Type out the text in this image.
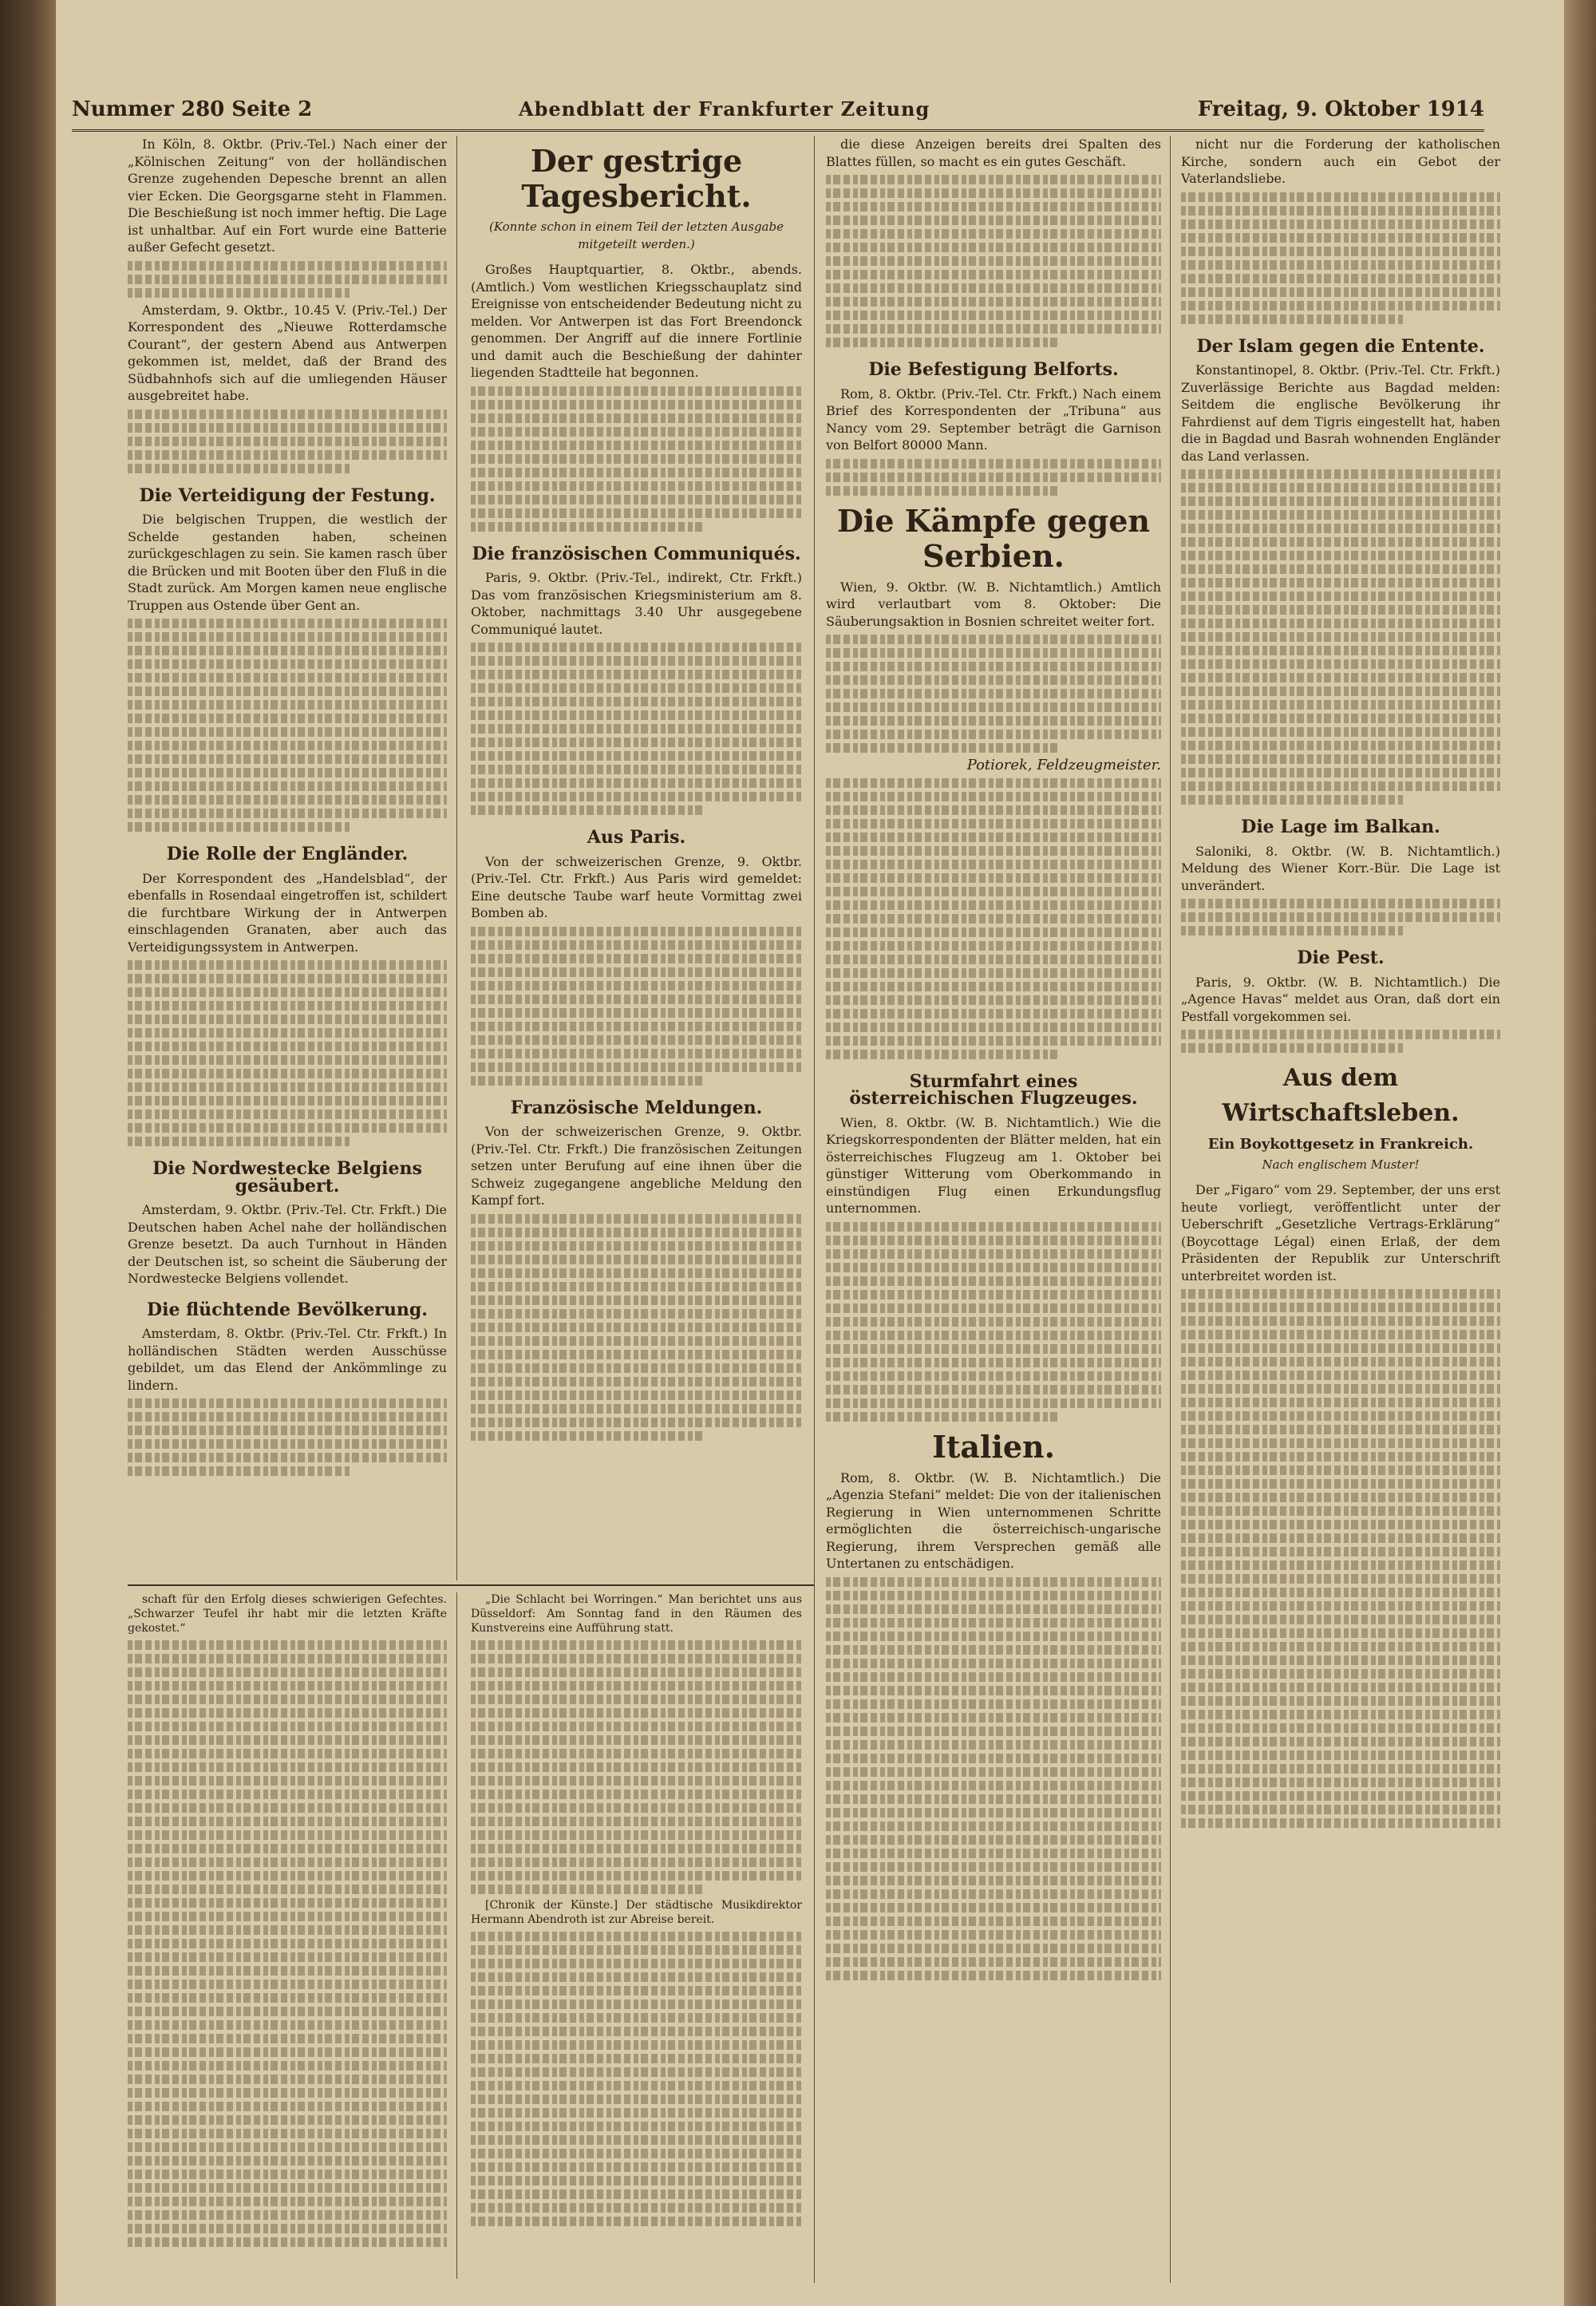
Nummer 280 Seite 2	Abendblatt der Frankfurter Zeitung	Freitag, 9. Oktober 1914

In Köln, 8. Oktbr. (Priv.-Tel.) Nach einer der „Kölnischen Zeitung“ von der holländischen Grenze zugehenden Depesche brennt an allen vier Ecken. Die Georgsgarne steht in Flammen. Die Beschießung ist noch immer heftig. Die Lage ist unhaltbar. Auf ein Fort wurde eine Batterie außer Gefecht gesetzt.

Amsterdam, 9. Oktbr., 10.45 V. (Priv.-Tel.) Der Korrespondent des „Nieuwe Rotterdamsche Courant“, der gestern Abend aus Antwerpen gekommen ist, meldet, daß der Brand des Südbahnhofs sich auf die umliegenden Häuser ausgebreitet habe.

Die Verteidigung der Festung.

Die belgischen Truppen, die westlich der Schelde gestanden haben, scheinen zurückgeschlagen zu sein. Sie kamen rasch über die Brücken und mit Booten über den Fluß in die Stadt zurück. Am Morgen kamen neue englische Truppen aus Ostende über Gent an.

Die Rolle der Engländer.

Der Korrespondent des „Handelsblad“, der ebenfalls in Rosendaal eingetroffen ist, schildert die furchtbare Wirkung der in Antwerpen einschlagenden Granaten, aber auch das Verteidigungssystem in Antwerpen.

Die Nordwestecke Belgiens gesäubert.

Amsterdam, 9. Oktbr. (Priv.-Tel. Ctr. Frkft.) Die Deutschen haben Achel nahe der holländischen Grenze besetzt. Da auch Turnhout in Händen der Deutschen ist, so scheint die Säuberung der Nordwestecke Belgiens vollendet.

Die flüchtende Bevölkerung.

Amsterdam, 8. Oktbr. (Priv.-Tel. Ctr. Frkft.) In holländischen Städten werden Ausschüsse gebildet, um das Elend der Ankömmlinge zu lindern.

Der gestrige Tagesbericht.
(Konnte schon in einem Teil der letzten Ausgabe mitgeteilt werden.)

Großes Hauptquartier, 8. Oktbr., abends. (Amtlich.) Vom westlichen Kriegsschauplatz sind Ereignisse von entscheidender Bedeutung nicht zu melden. Vor Antwerpen ist das Fort Breendonck genommen. Der Angriff auf die innere Fortlinie und damit auch die Beschießung der dahinter liegenden Stadtteile hat begonnen.

Die französischen Communiqués.

Paris, 9. Oktbr. (Priv.-Tel., indirekt, Ctr. Frkft.) Das vom französischen Kriegsministerium am 8. Oktober, nachmittags 3.40 Uhr ausgegebene Communiqué lautet.

Aus Paris.

Von der schweizerischen Grenze, 9. Oktbr. (Priv.-Tel. Ctr. Frkft.) Aus Paris wird gemeldet: Eine deutsche Taube warf heute Vormittag zwei Bomben ab.

Französische Meldungen.

Von der schweizerischen Grenze, 9. Oktbr. (Priv.-Tel. Ctr. Frkft.) Die französischen Zeitungen setzen unter Berufung auf eine ihnen über die Schweiz zugegangene angebliche Meldung den Kampf fort.

die diese Anzeigen bereits drei Spalten des Blattes füllen, so macht es ein gutes Geschäft.

Die Befestigung Belforts.

Rom, 8. Oktbr. (Priv.-Tel. Ctr. Frkft.) Nach einem Brief des Korrespondenten der „Tribuna“ aus Nancy vom 29. September beträgt die Garnison von Belfort 80000 Mann.

Die Kämpfe gegen Serbien.

Wien, 9. Oktbr. (W. B. Nichtamtlich.) Amtlich wird verlautbart vom 8. Oktober: Die Säuberungsaktion in Bosnien schreitet weiter fort.

Potiorek, Feldzeugmeister.
Sturmfahrt eines österreichischen Flugzeuges.

Wien, 8. Oktbr. (W. B. Nichtamtlich.) Wie die Kriegskorrespondenten der Blätter melden, hat ein österreichisches Flugzeug am 1. Oktober bei günstiger Witterung vom Oberkommando in einstündigen Flug einen Erkundungsflug unternommen.

Italien.

Rom, 8. Oktbr. (W. B. Nichtamtlich.) Die „Agenzia Stefani“ meldet: Die von der italienischen Regierung in Wien unternommenen Schritte ermöglichten die österreichisch-ungarische Regierung, ihrem Versprechen gemäß alle Untertanen zu entschädigen.

nicht nur die Forderung der katholischen Kirche, sondern auch ein Gebot der Vaterlandsliebe.

Der Islam gegen die Entente.

Konstantinopel, 8. Oktbr. (Priv.-Tel. Ctr. Frkft.) Zuverlässige Berichte aus Bagdad melden: Seitdem die englische Bevölkerung ihr Fahrdienst auf dem Tigris eingestellt hat, haben die in Bagdad und Basrah wohnenden Engländer das Land verlassen.

Die Lage im Balkan.

Saloniki, 8. Oktbr. (W. B. Nichtamtlich.) Meldung des Wiener Korr.-Bür. Die Lage ist unverändert.

Die Pest.

Paris, 9. Oktbr. (W. B. Nichtamtlich.) Die „Agence Havas“ meldet aus Oran, daß dort ein Pestfall vorgekommen sei.

Aus dem Wirtschaftsleben.
Ein Boykottgesetz in Frankreich.
Nach englischem Muster!

Der „Figaro“ vom 29. September, der uns erst heute vorliegt, veröffentlicht unter der Ueberschrift „Gesetzliche Vertrags-Erklärung“ (Boycottage Légal) einen Erlaß, der dem Präsidenten der Republik zur Unterschrift unterbreitet worden ist.

schaft für den Erfolg dieses schwierigen Gefechtes. „Schwarzer Teufel ihr habt mir die letzten Kräfte gekostet.“

„Die Schlacht bei Worringen.“ Man berichtet uns aus Düsseldorf: Am Sonntag fand in den Räumen des Kunstvereins eine Aufführung statt.

[Chronik der Künste.] Der städtische Musikdirektor Hermann Abendroth ist zur Abreise bereit.
